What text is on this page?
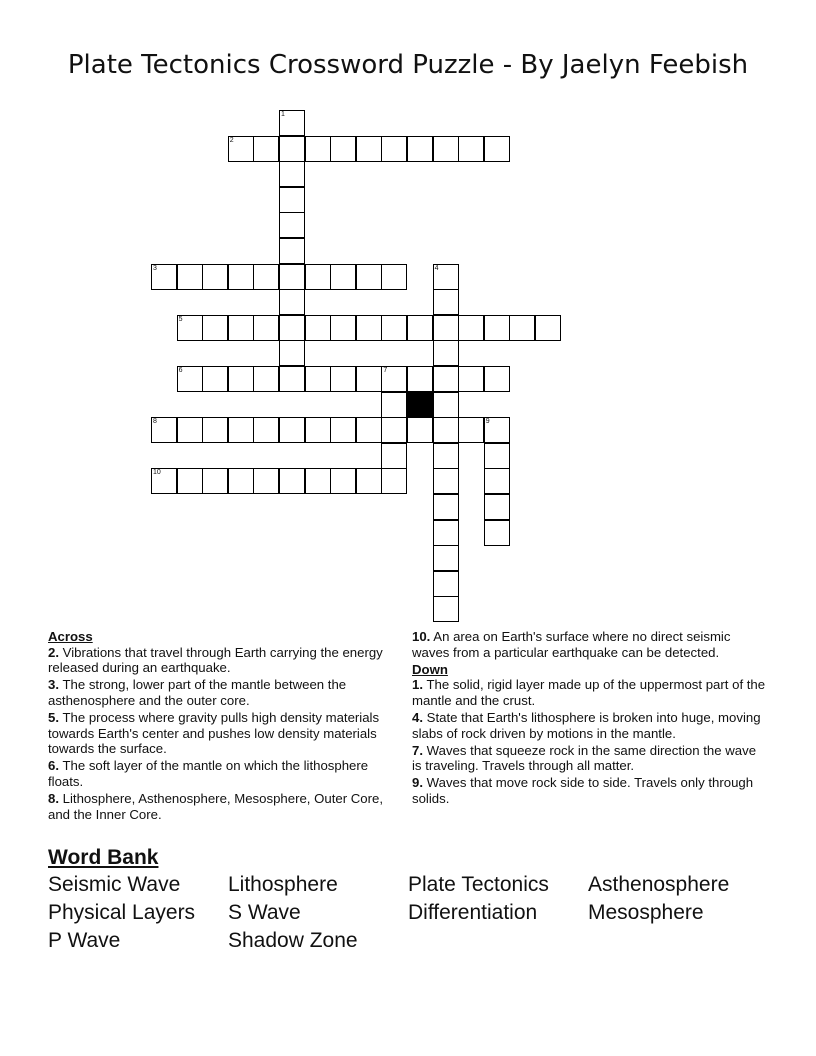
Plate Tectonics Crossword Puzzle - By Jaelyn Feebish
2
3
5
6	7
8	9
10
1
4
Across
2. Vibrations that travel through Earth carrying the energy released during an earthquake.
3. The strong, lower part of the mantle between the asthenosphere and the outer core.
5. The process where gravity pulls high density materials towards Earth's center and pushes low density materials towards the surface.
6. The soft layer of the mantle on which the lithosphere floats.
8. Lithosphere, Asthenosphere, Mesosphere, Outer Core, and the Inner Core.
10. An area on Earth's surface where no direct seismic waves from a particular earthquake can be detected.
Down
1. The solid, rigid layer made up of the uppermost part of the mantle and the crust.
4. State that Earth's lithosphere is broken into huge, moving slabs of rock driven by motions in the mantle.
7. Waves that squeeze rock in the same direction the wave is traveling. Travels through all matter.
9. Waves that move rock side to side. Travels only through solids.
Word Bank
Seismic Wave	Lithosphere	Plate Tectonics	Asthenosphere
Physical Layers	S Wave	Differentiation	Mesosphere
P Wave	Shadow Zone
